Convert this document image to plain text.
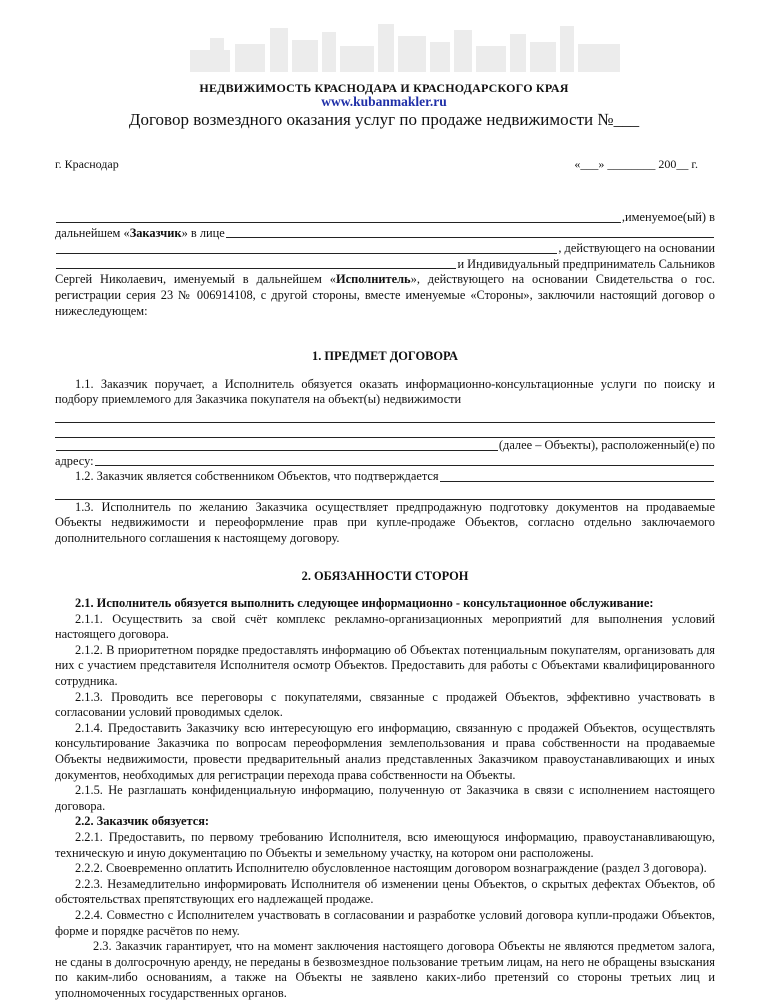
НЕДВИЖИМОСТЬ КРАСНОДАРА И КРАСНОДАРСКОГО КРАЯ
www.kubanmakler.ru
Договор возмездного оказания услуг по продаже недвижимости №___
г. Краснодар	«___» ________ 200__ г.
,именуемое(ый) в
дальнейшем « Заказчик » в лице
, действующего на основании
и Индивидуальный предприниматель Сальников

Сергей Николаевич, именуемый в дальнейшем «Исполнитель», действующего на основании Свидетельства о гос. регистрации серия 23 № 006914108, с другой стороны, вместе именуемые «Стороны», заключили настоящий договор о нижеследующем:

1. ПРЕДМЕТ ДОГОВОРА

1.1. Заказчик поручает, а Исполнитель обязуется оказать информационно-консультационные услуги по поиску и подбору приемлемого для Заказчика покупателя на объект(ы) недвижимости

(далее – Объекты), расположенный(е) по
адресу:
1.2. Заказчик является собственником Объектов, что подтверждается

1.3. Исполнитель по желанию Заказчика осуществляет предпродажную подготовку документов на продаваемые Объекты недвижимости и переоформление прав при купле-продаже Объектов, согласно отдельно заключаемого дополнительного соглашения к настоящему договору.

2. ОБЯЗАННОСТИ СТОРОН

2.1. Исполнитель обязуется выполнить следующее информационно - консультационное обслуживание:

2.1.1. Осуществить за свой счёт комплекс рекламно-организационных мероприятий для выполнения условий настоящего договора.

2.1.2. В приоритетном порядке предоставлять информацию об Объектах потенциальным покупателям, организовать для них с участием представителя Исполнителя осмотр Объектов. Предоставить для работы с Объектами квалифицированного сотрудника.

2.1.3. Проводить все переговоры с покупателями, связанные с продажей Объектов, эффективно участвовать в согласовании условий проводимых сделок.

2.1.4. Предоставить Заказчику всю интересующую его информацию, связанную с продажей Объектов, осуществлять консультирование Заказчика по вопросам переоформления землепользования и права собственности на продаваемые Объекты недвижимости, провести предварительный анализ представленных Заказчиком правоустанавливающих и иных документов, необходимых для регистрации перехода права собственности на Объекты.

2.1.5. Не разглашать конфиденциальную информацию, полученную от Заказчика в связи с исполнением настоящего договора.

2.2. Заказчик обязуется:

2.2.1. Предоставить, по первому требованию Исполнителя, всю имеющуюся информацию, правоустанавливающую, техническую и иную документацию по Объекты и земельному участку, на котором они расположены.

2.2.2. Своевременно оплатить Исполнителю обусловленное настоящим договором вознаграждение (раздел 3 договора).

2.2.3. Незамедлительно информировать Исполнителя об изменении цены Объектов, о скрытых дефектах Объектов, об обстоятельствах препятствующих его надлежащей продаже.

2.2.4. Совместно с Исполнителем участвовать в согласовании и разработке условий договора купли-продажи Объектов, форме и порядке расчётов по нему.

2.3. Заказчик гарантирует, что на момент заключения настоящего договора Объекты не являются предметом залога, не сданы в долгосрочную аренду, не переданы в безвозмездное пользование третьим лицам, на него не обращены взыскания по каким-либо основаниям, а также на Объекты не заявлено каких-либо претензий со стороны третьих лиц и уполномоченных государственных органов.
